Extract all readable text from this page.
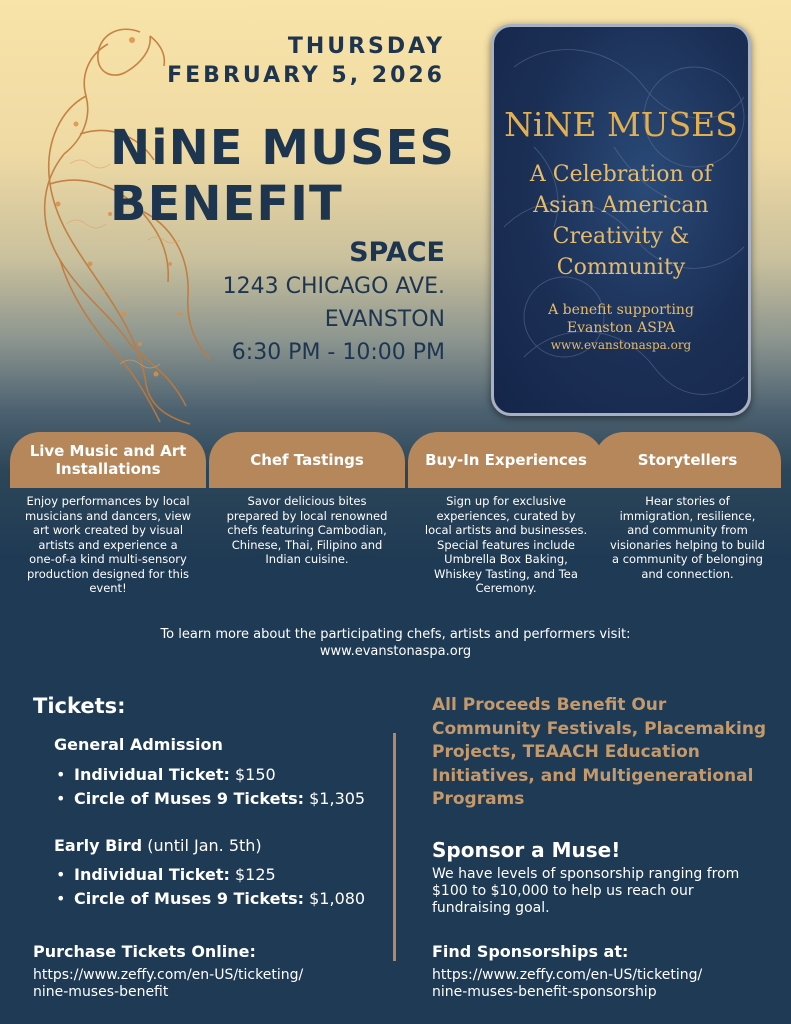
THURSDAY
FEBRUARY 5, 2026
NiNE MUSES
BENEFIT
SPACE
1243 CHICAGO AVE.
EVANSTON
6:30 PM - 10:00 PM
NiNE MUSES
A Celebration of
Asian American
Creativity &
Community
A benefit supporting
Evanston ASPA
www.evanstonaspa.org
Live Music and Art Installations
Enjoy performances by local musicians and dancers, view art work created by visual artists and experience a one-of-a kind multi-sensory production designed for this event!
Chef Tastings
Savor delicious bites prepared by local renowned chefs featuring Cambodian, Chinese, Thai, Filipino and Indian cuisine.
Buy-In Experiences
Sign up for exclusive experiences, curated by local artists and businesses. Special features include Umbrella Box Baking, Whiskey Tasting, and Tea Ceremony.
Storytellers
Hear stories of immigration, resilience, and community from visionaries helping to build a community of belonging and connection.
To learn more about the participating chefs, artists and performers visit:
www.evanstonaspa.org
Tickets:
General Admission
• Individual Ticket: $150
• Circle of Muses 9 Tickets: $1,305
Early Bird (until Jan. 5th)
• Individual Ticket: $125
• Circle of Muses 9 Tickets: $1,080
Purchase Tickets Online:
https://www.zeffy.com/en-US/ticketing/
nine-muses-benefit
All Proceeds Benefit Our Community Festivals, Placemaking Projects, TEAACH Education Initiatives, and Multigenerational Programs
Sponsor a Muse!
We have levels of sponsorship ranging from $100 to $10,000 to help us reach our fundraising goal.
Find Sponsorships at:
https://www.zeffy.com/en-US/ticketing/
nine-muses-benefit-sponsorship
